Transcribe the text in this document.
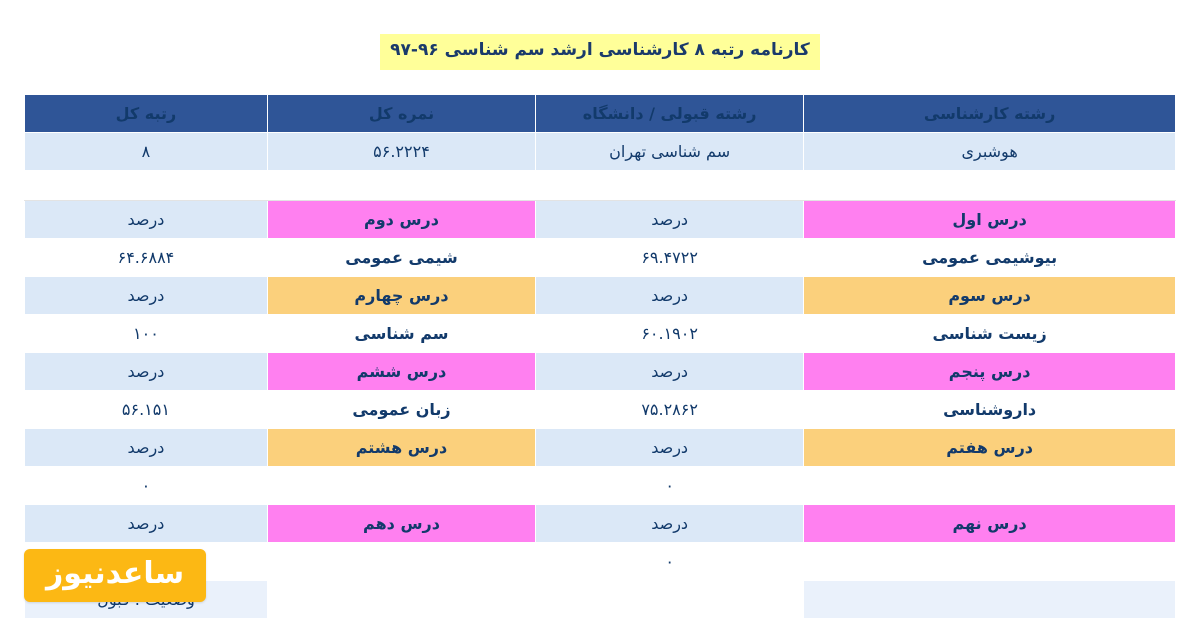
کارنامه رتبه ۸ کارشناسی ارشد سم شناسی ۹۶-۹۷
رشته کارشناسی	رشته قبولی / دانشگاه	نمره کل	رتبه کل
هوشبری	سم شناسی تهران	۵۶.۲۲۲۴	۸

درس اول	درصد	درس دوم	درصد
بیوشیمی عمومی	۶۹.۴۷۲۲	شیمی عمومی	۶۴.۶۸۸۴
درس سوم	درصد	درس چهارم	درصد
زیست شناسی	۶۰.۱۹۰۲	سم شناسی	۱۰۰
درس پنجم	درصد	درس ششم	درصد
داروشناسی	۷۵.۲۸۶۲	زبان عمومی	۵۶.۱۵۱
درس هفتم	درصد	درس هشتم	درصد
	۰		۰
درس نهم	درصد	درس دهم	درصد
	۰		

ساعدنیوز
